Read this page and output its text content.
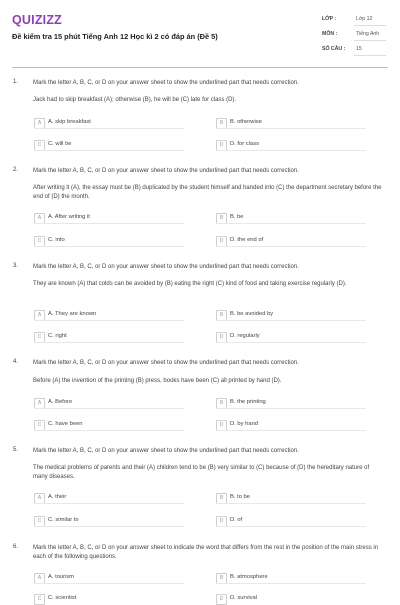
QUIZIZZ
Đề kiểm tra 15 phút Tiếng Anh 12 Học kì 2 có đáp án (Đề 5)
LỚP :	Lớp 12
MÔN :	Tiếng Anh
SỐ CÂU : 15
1. Mark the letter A, B, C, or D on your answer sheet to show the underlined part that needs correction.
Jack had to skip breakfast (A); otherwise (B), he will be (C) late for class (D).
A	A. skip breakfast	B	B. otherwise
C	C. will be	D	D. for class
2. Mark the letter A, B, C, or D on your answer sheet to show the underlined part that needs correction.
After writing it (A), the essay must be (B) duplicated by the student himself and handed into (C) the department secretary before the end of (D) the month.
A	A. After writing it	B	B. be
C	C. into	D	D. the end of
3. Mark the letter A, B, C, or D on your answer sheet to show the underlined part that needs correction.
They are known (A) that colds can be avoided by (B) eating the right (C) kind of food and taking exercise regularly (D).
A	A. They are known	B	B. be avoided by
C	C. right	D	D. regularly
4. Mark the letter A, B, C, or D on your answer sheet to show the underlined part that needs correction.
Before (A) the invention of the printing (B) press, books have been (C) all printed by hand (D).
A	A. Before	B	B. the printing
C	C. have been	D	D. by hand
5. Mark the letter A, B, C, or D on your answer sheet to show the underlined part that needs correction.
The medical problems of parents and their (A) children tend to be (B) very similar to (C) because of (D) the hereditary nature of many diseases.
A	A. their	B	B. to be
C	C. similar to	D	D. of
6. Mark the letter A, B, C, or D on your answer sheet to indicate the word that differs from the rest in the position of the main stress in each of the following questions.
A	A. tourism	B	B. atmosphere
C	C. scientist	D	D. survival
